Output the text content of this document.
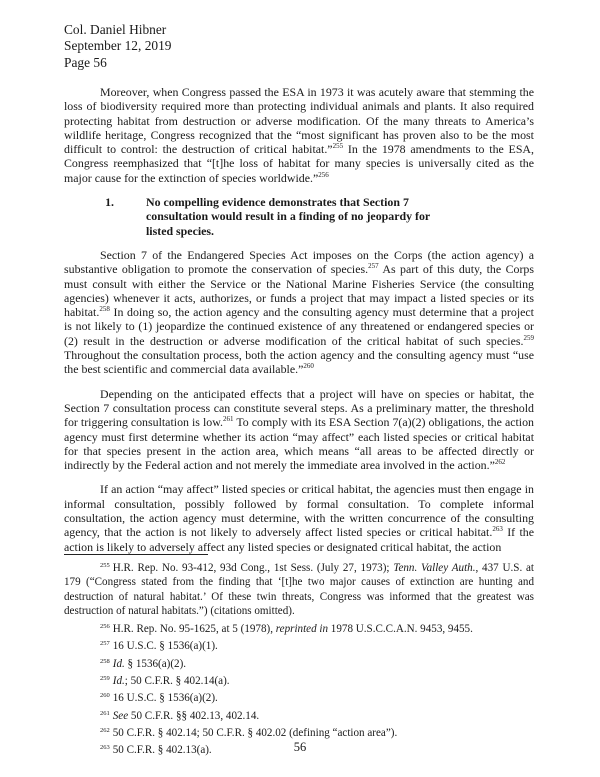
Col. Daniel Hibner
September 12, 2019
Page 56

Moreover, when Congress passed the ESA in 1973 it was acutely aware that stemming the loss of biodiversity required more than protecting individual animals and plants. It also required protecting habitat from destruction or adverse modification. Of the many threats to America’s wildlife heritage, Congress recognized that the “most significant has proven also to be the most difficult to control: the destruction of critical habitat.”$^{255}$ In the 1978 amendments to the ESA, Congress reemphasized that “[t]he loss of habitat for many species is universally cited as the major cause for the extinction of species worldwide.”$^{256}$

1.	No compelling evidence demonstrates that Section 7 consultation would result in a finding of no jeopardy for listed species.

Section 7 of the Endangered Species Act imposes on the Corps (the action agency) a substantive obligation to promote the conservation of species.$^{257}$ As part of this duty, the Corps must consult with either the Service or the National Marine Fisheries Service (the consulting agencies) whenever it acts, authorizes, or funds a project that may impact a listed species or its habitat.$^{258}$ In doing so, the action agency and the consulting agency must determine that a project is not likely to (1) jeopardize the continued existence of any threatened or endangered species or (2) result in the destruction or adverse modification of the critical habitat of such species.$^{259}$ Throughout the consultation process, both the action agency and the consulting agency must “use the best scientific and commercial data available.”$^{260}$

Depending on the anticipated effects that a project will have on species or habitat, the Section 7 consultation process can constitute several steps. As a preliminary matter, the threshold for triggering consultation is low.$^{261}$ To comply with its ESA Section 7(a)(2) obligations, the action agency must first determine whether its action “may affect” each listed species or critical habitat for that species present in the action area, which means “all areas to be affected directly or indirectly by the Federal action and not merely the immediate area involved in the action.”$^{262}$

If an action “may affect” listed species or critical habitat, the agencies must then engage in informal consultation, possibly followed by formal consultation. To complete informal consultation, the action agency must determine, with the written concurrence of the consulting agency, that the action is not likely to adversely affect listed species or critical habitat.$^{263}$ If the action is likely to adversely affect any listed species or designated critical habitat, the action

$^{255}$ H.R. Rep. No. 93-412, 93d Cong., 1st Sess. (July 27, 1973); Tenn. Valley Auth., 437 U.S. at 179 (“Congress stated from the finding that ‘[t]he two major causes of extinction are hunting and destruction of natural habitat.’ Of these twin threats, Congress was informed that the greatest was destruction of natural habitats.”) (citations omitted).
$^{256}$ H.R. Rep. No. 95-1625, at 5 (1978), reprinted in 1978 U.S.C.C.A.N. 9453, 9455.
$^{257}$ 16 U.S.C. § 1536(a)(1).
$^{258}$ Id. § 1536(a)(2).
$^{259}$ Id.; 50 C.F.R. § 402.14(a).
$^{260}$ 16 U.S.C. § 1536(a)(2).
$^{261}$ See 50 C.F.R. §§ 402.13, 402.14.
$^{262}$ 50 C.F.R. § 402.14; 50 C.F.R. § 402.02 (defining “action area”).
$^{263}$ 50 C.F.R. § 402.13(a).	56
